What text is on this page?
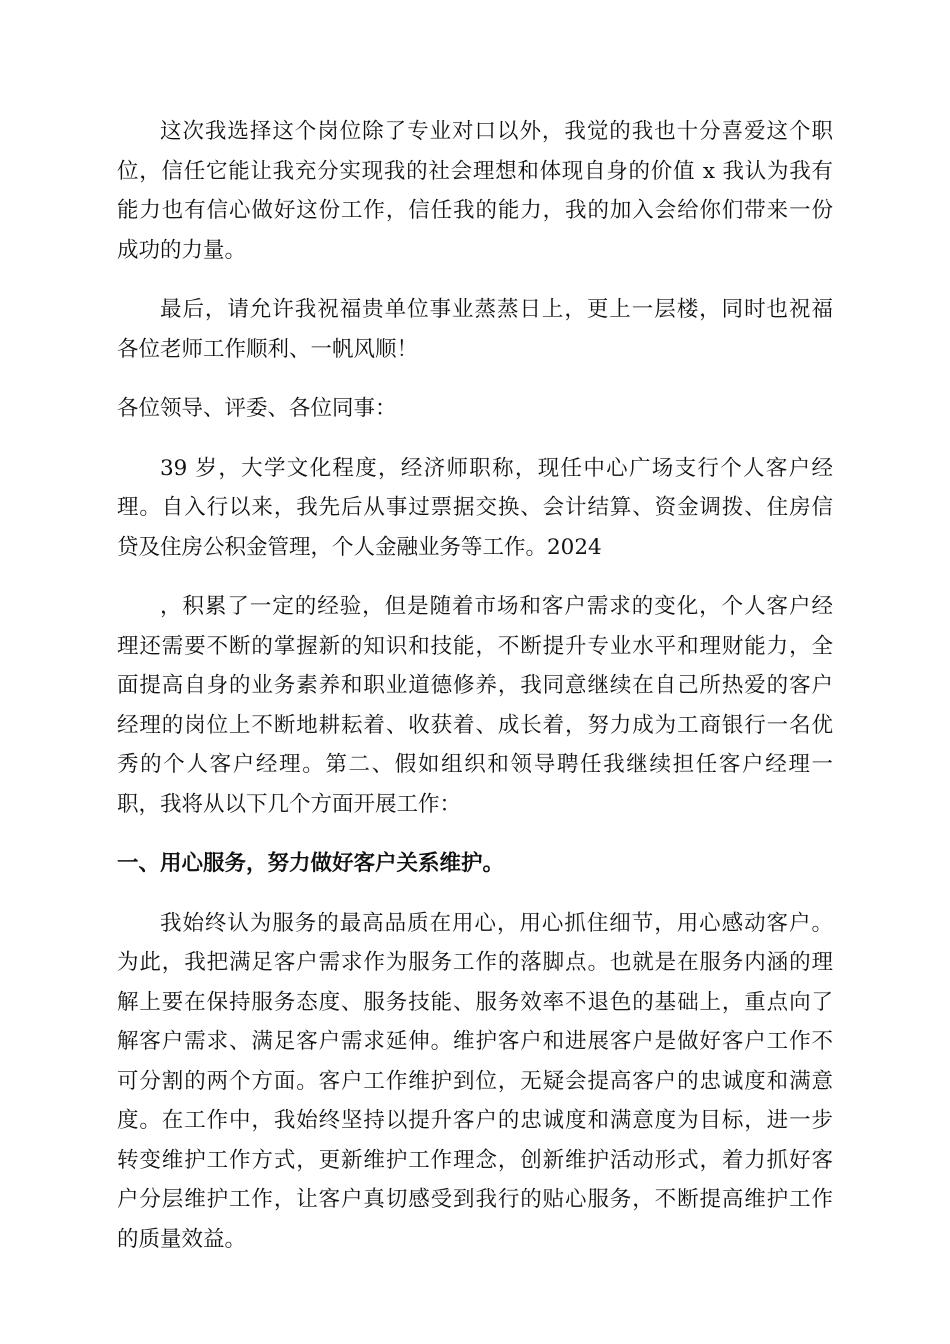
这次我选择这个岗位除了专业对口以外，我觉的我也十分喜爱这个职
位，信任它能让我充分实现我的社会理想和体现自身的价值 x 我认为我有
能力也有信心做好这份工作，信任我的能力，我的加入会给你们带来一份
成功的力量。
最后，请允许我祝福贵单位事业蒸蒸日上，更上一层楼，同时也祝福
各位老师工作顺利、一帆风顺！
各位领导、评委、各位同事：
39 岁，大学文化程度，经济师职称，现任中心广场支行个人客户经
理。自入行以来，我先后从事过票据交换、会计结算、资金调拨、住房信
贷及住房公积金管理，个人金融业务等工作。2024
，积累了一定的经验，但是随着市场和客户需求的变化，个人客户经
理还需要不断的掌握新的知识和技能，不断提升专业水平和理财能力，全
面提高自身的业务素养和职业道德修养，我同意继续在自己所热爱的客户
经理的岗位上不断地耕耘着、收获着、成长着，努力成为工商银行一名优
秀的个人客户经理。第二、假如组织和领导聘任我继续担任客户经理一
职，我将从以下几个方面开展工作：
一、用心服务，努力做好客户关系维护。
我始终认为服务的最高品质在用心，用心抓住细节，用心感动客户。
为此，我把满足客户需求作为服务工作的落脚点。也就是在服务内涵的理
解上要在保持服务态度、服务技能、服务效率不退色的基础上，重点向了
解客户需求、满足客户需求延伸。维护客户和进展客户是做好客户工作不
可分割的两个方面。客户工作维护到位，无疑会提高客户的忠诚度和满意
度。在工作中，我始终坚持以提升客户的忠诚度和满意度为目标，进一步
转变维护工作方式，更新维护工作理念，创新维护活动形式，着力抓好客
户分层维护工作，让客户真切感受到我行的贴心服务，不断提高维护工作
的质量效益。
